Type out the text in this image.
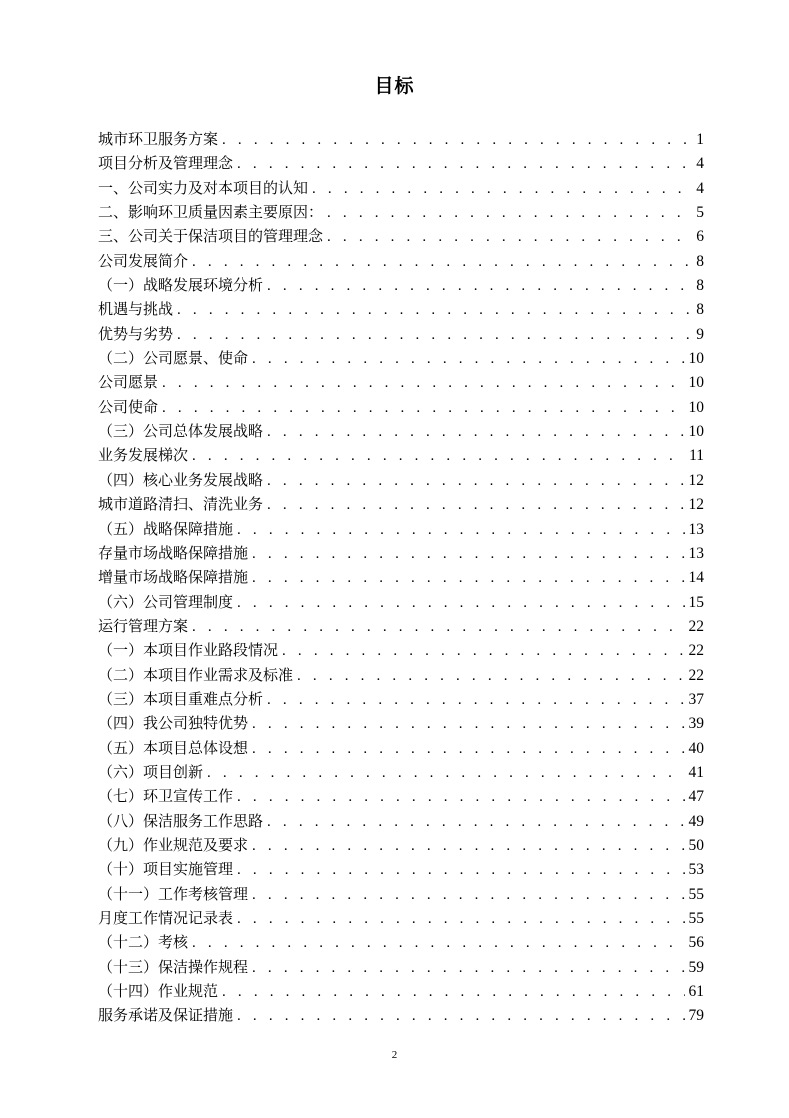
目标
城市环卫服务方案 . . .	1
项目分析及管理理念 . . .	4
一、公司实力及对本项目的认知 . . .	4
二、影响环卫质量因素主要原因： . . .	5
三、公司关于保洁项目的管理理念 . . .	6
公司发展简介 . . .	8
（一）战略发展环境分析 . . .	8
机遇与挑战 . . .	8
优势与劣势 . . .	9
（二）公司愿景、使命 . . .	10
公司愿景 . . .	10
公司使命 . . .	10
（三）公司总体发展战略 . . .	10
业务发展梯次 . . .	11
（四）核心业务发展战略 . . .	12
城市道路清扫、清洗业务 . . .	12
（五）战略保障措施 . . .	13
存量市场战略保障措施 . . .	13
增量市场战略保障措施 . . .	14
（六）公司管理制度 . . .	15
运行管理方案 . . .	22
（一）本项目作业路段情况 . . .	22
（二）本项目作业需求及标准 . . .	22
（三）本项目重难点分析 . . .	37
（四）我公司独特优势 . . .	39
（五）本项目总体设想 . . .	40
（六）项目创新 . . .	41
（七）环卫宣传工作 . . .	47
（八）保洁服务工作思路 . . .	49
（九）作业规范及要求 . . .	50
（十）项目实施管理 . . .	53
（十一）工作考核管理 . . .	55
月度工作情况记录表 . . .	55
（十二）考核 . . .	56
（十三）保洁操作规程 . . .	59
（十四）作业规范 . . .	61
服务承诺及保证措施 . . .	79
2
